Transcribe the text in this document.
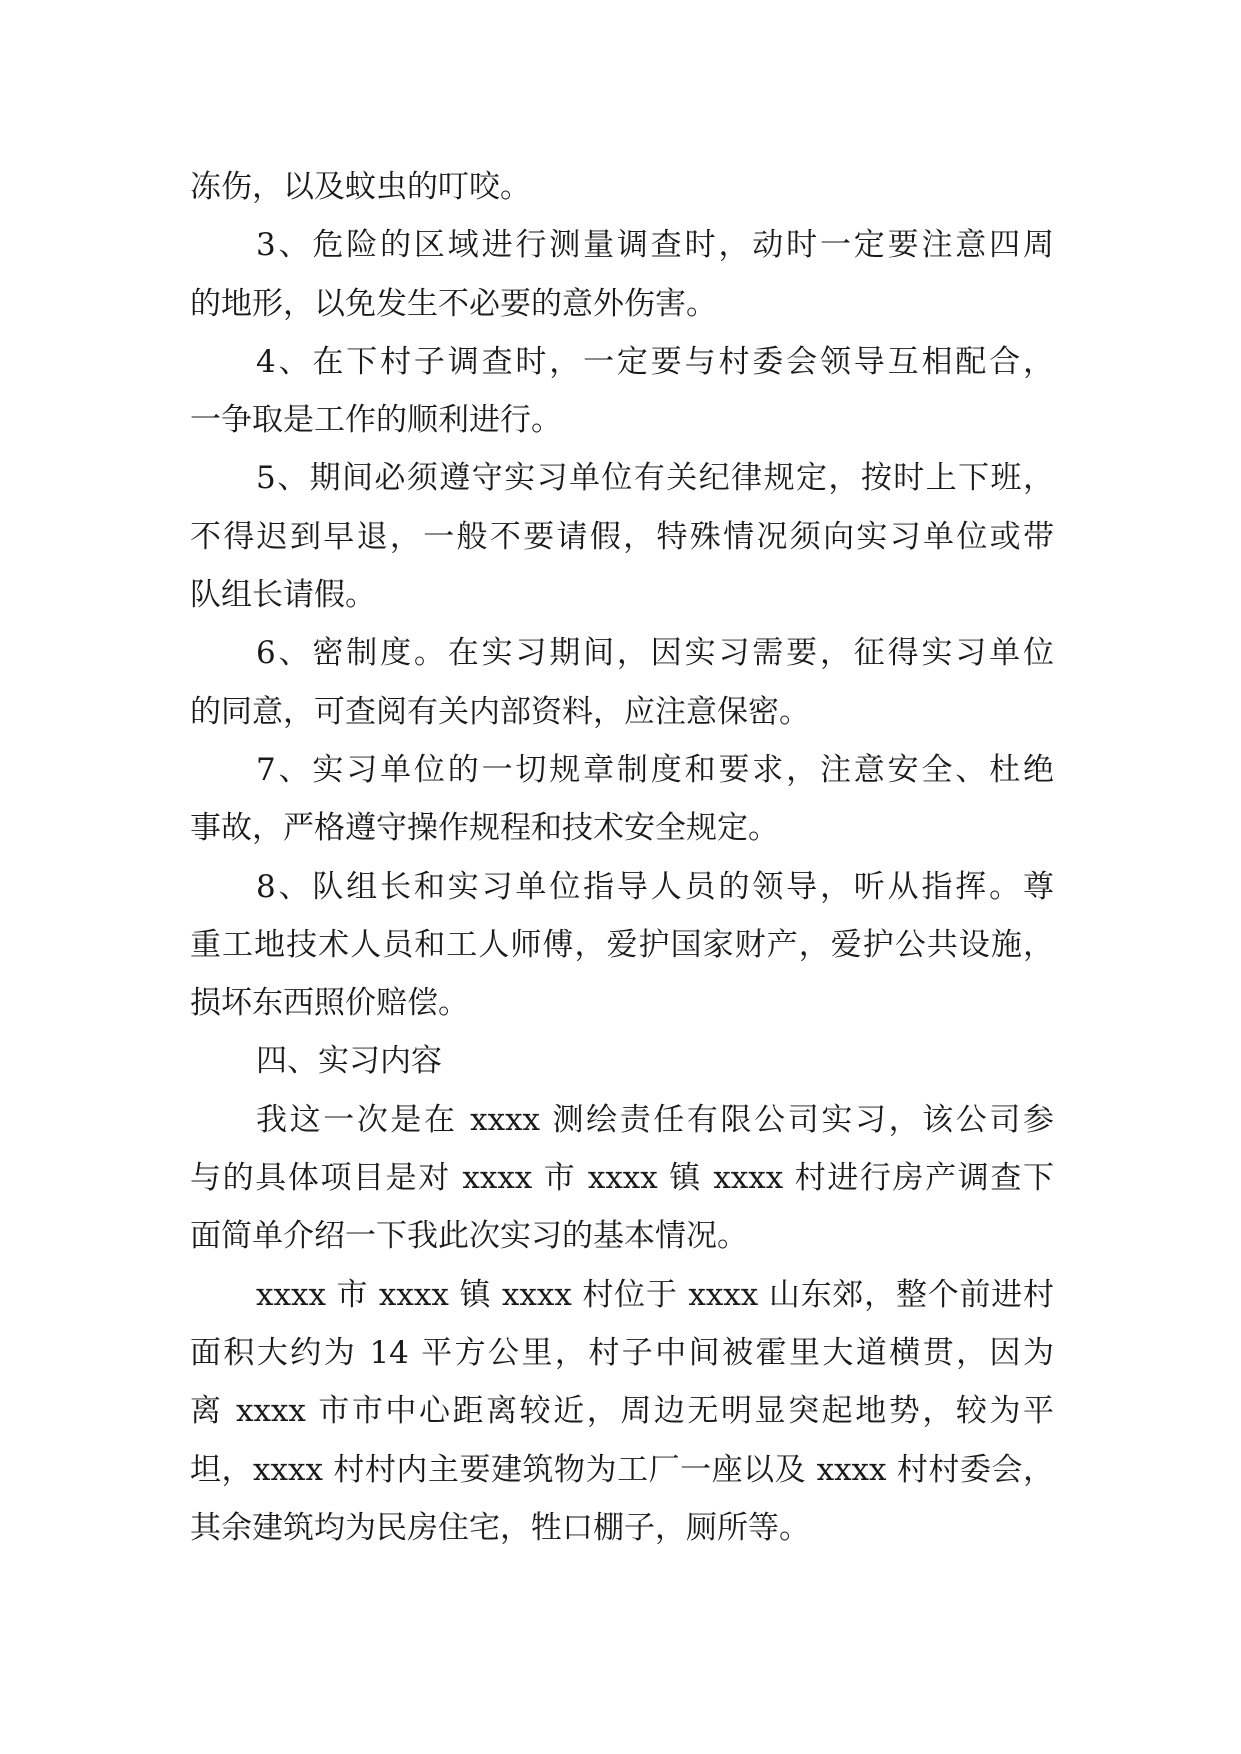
冻伤，以及蚊虫的叮咬。
3、危险的区域进行测量调查时，动时一定要注意四周
的地形，以免发生不必要的意外伤害。
4、在下村子调查时，一定要与村委会领导互相配合，
一争取是工作的顺利进行。
5、期间必须遵守实习单位有关纪律规定，按时上下班，
不得迟到早退，一般不要请假，特殊情况须向实习单位或带
队组长请假。
6、密制度。在实习期间，因实习需要，征得实习单位
的同意，可查阅有关内部资料，应注意保密。
7、实习单位的一切规章制度和要求，注意安全、杜绝
事故，严格遵守操作规程和技术安全规定。
8、队组长和实习单位指导人员的领导，听从指挥。尊
重工地技术人员和工人师傅，爱护国家财产，爱护公共设施，
损坏东西照价赔偿。
四、实习内容
我这一次是在 xxxx 测绘责任有限公司实习，该公司参
与的具体项目是对 xxxx 市 xxxx 镇 xxxx 村进行房产调查下
面简单介绍一下我此次实习的基本情况。
xxxx 市 xxxx 镇 xxxx 村位于 xxxx 山东郊，整个前进村
面积大约为 14 平方公里，村子中间被霍里大道横贯，因为
离 xxxx 市市中心距离较近，周边无明显突起地势，较为平
坦，xxxx 村村内主要建筑物为工厂一座以及 xxxx 村村委会，
其余建筑均为民房住宅，牲口棚子，厕所等。
